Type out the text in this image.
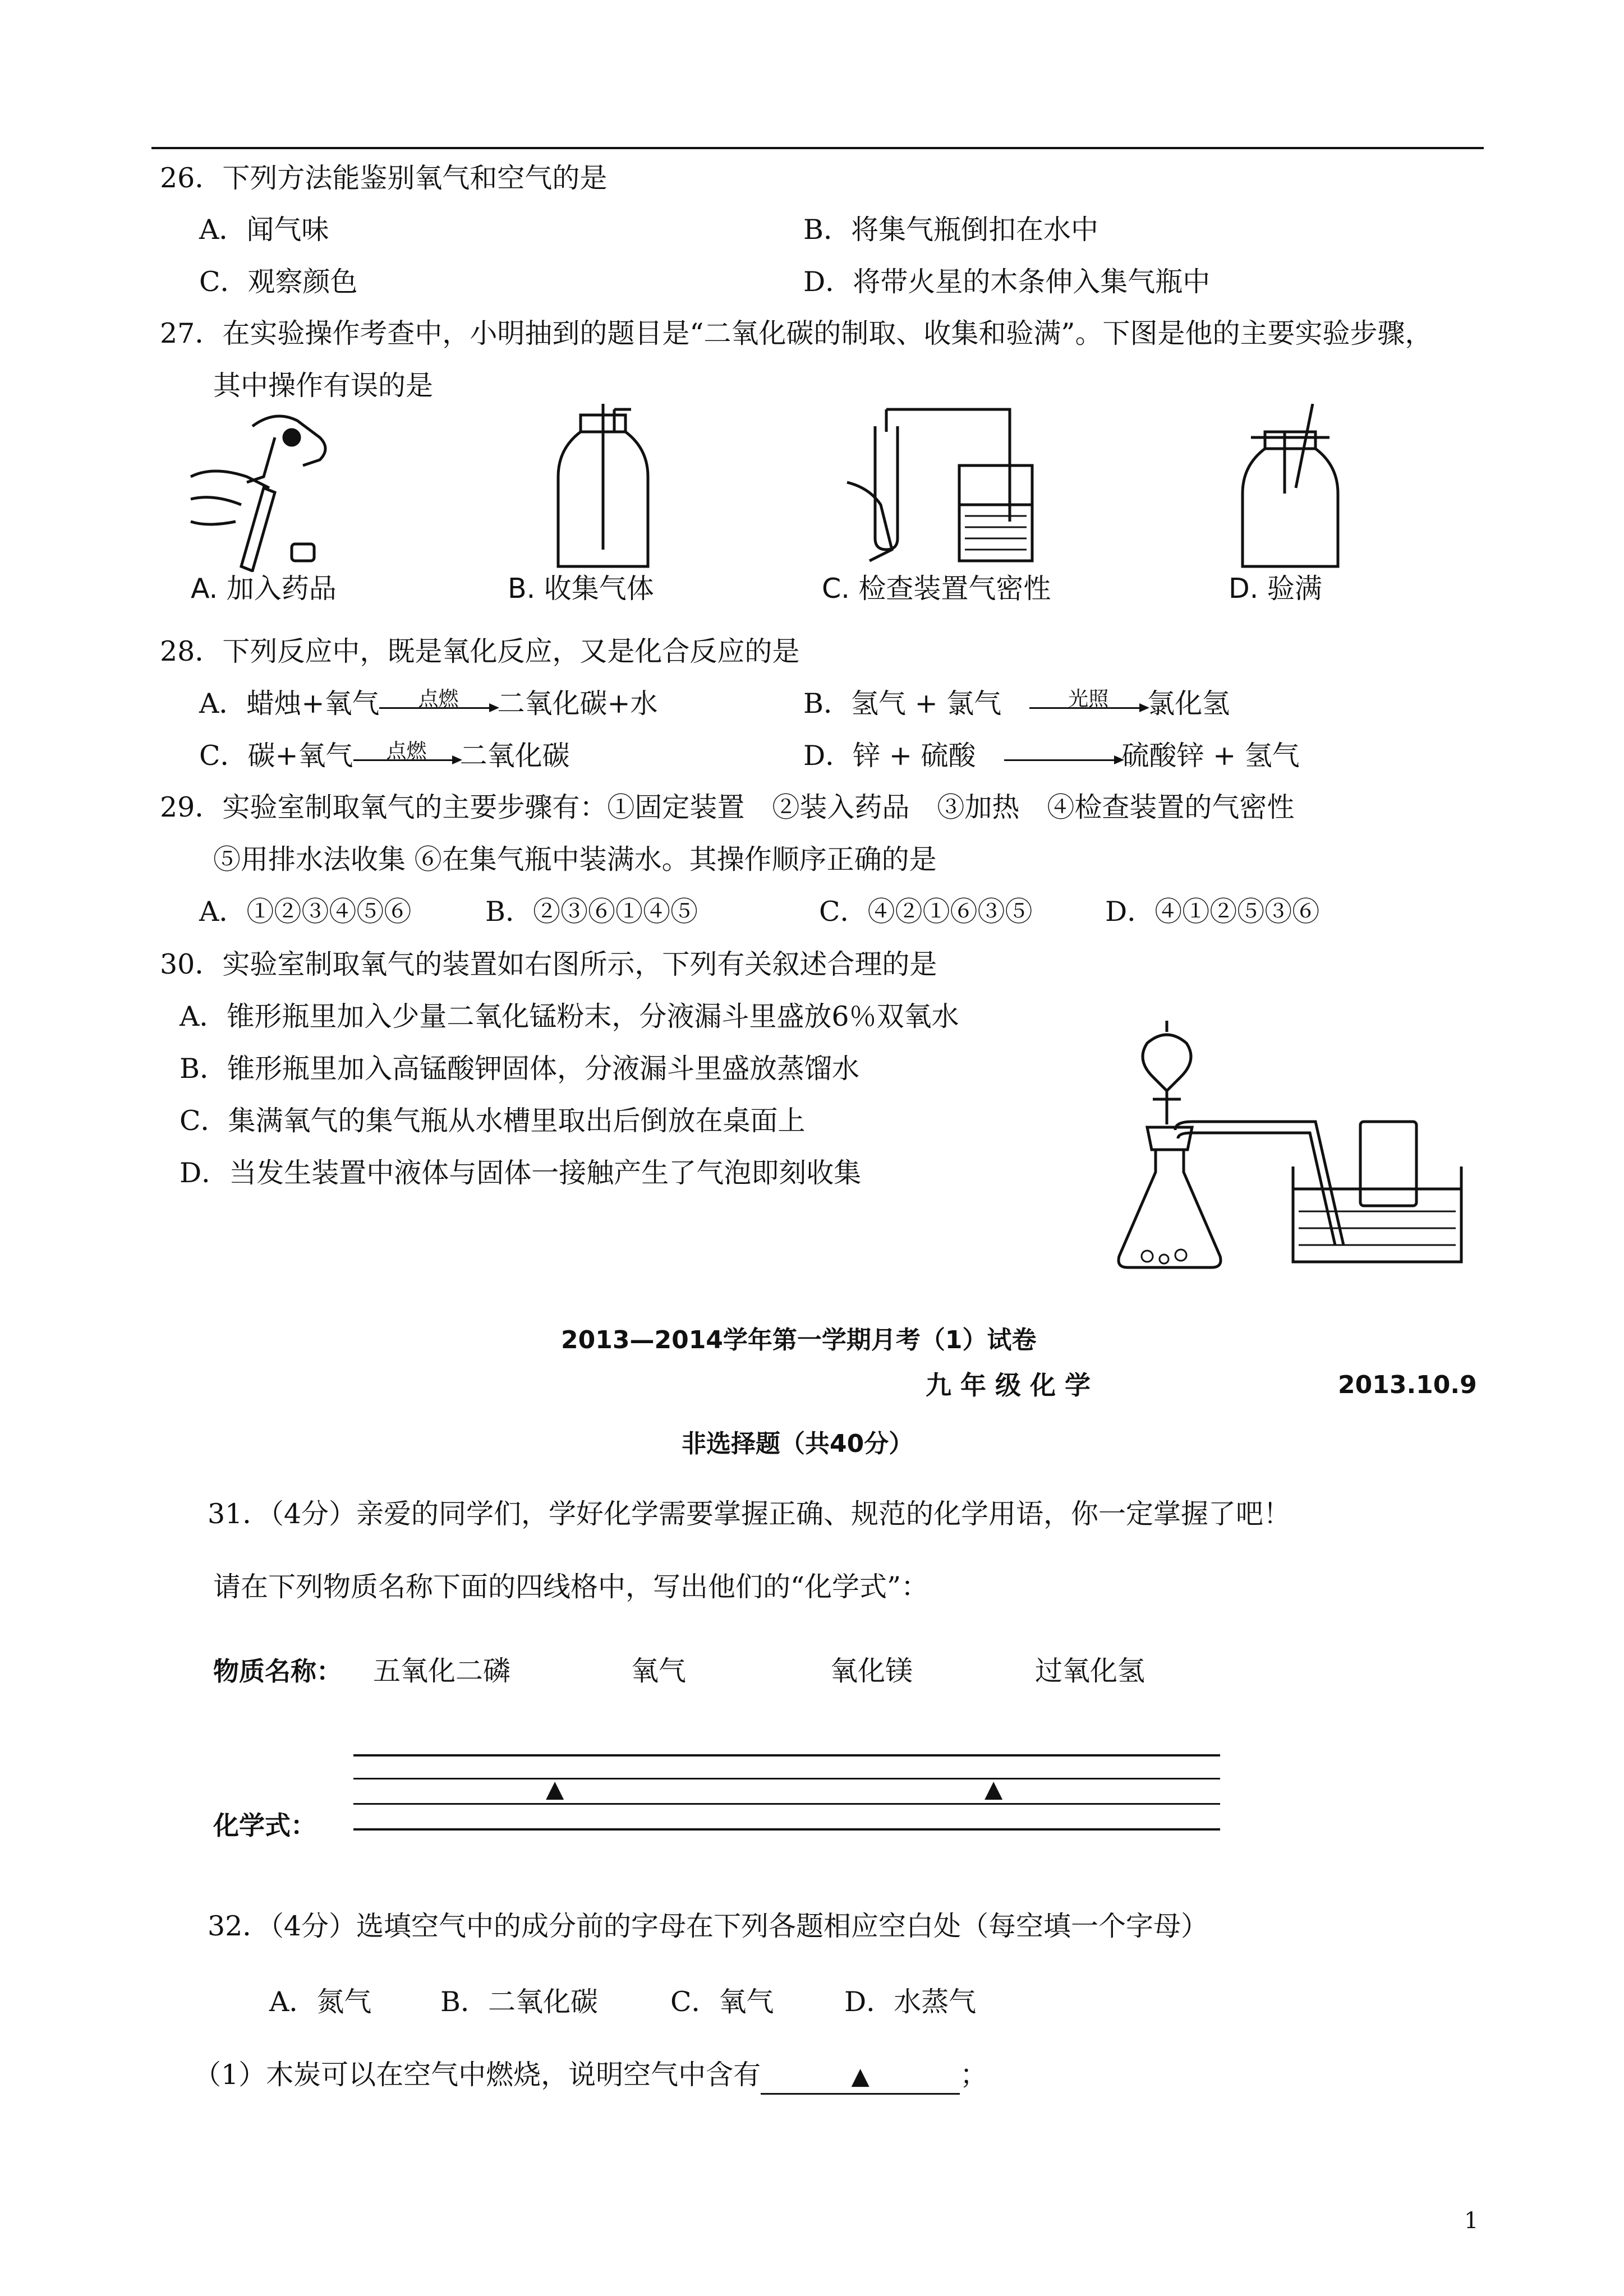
26．下列方法能鉴别氧气和空气的是
A．闻气味	B．将集气瓶倒扣在水中
C．观察颜色	D．将带火星的木条伸入集气瓶中
27．在实验操作考查中，小明抽到的题目是“二氧化碳的制取、收集和验满”。下图是他的主要实验步骤，
其中操作有误的是
A. 加入药品	B. 收集气体	C. 检查装置气密性	D. 验满
28．下列反应中，既是氧化反应，又是化合反应的是
A．蜡烛+氧气	点燃	二氧化碳+水	B．氢气 + 氯气	光照	氯化氢
C．碳+氧气	点燃	二氧化碳	D．锌 + 硫酸	硫酸锌 + 氢气
29．实验室制取氧气的主要步骤有：①固定装置　②装入药品　③加热　④检查装置的气密性
⑤用排水法收集 ⑥在集气瓶中装满水。其操作顺序正确的是
A．①②③④⑤⑥	B．②③⑥①④⑤	C．④②①⑥③⑤	D．④①②⑤③⑥
30．实验室制取氧气的装置如右图所示，下列有关叙述合理的是
A．锥形瓶里加入少量二氧化锰粉末，分液漏斗里盛放6％双氧水
B．锥形瓶里加入高锰酸钾固体，分液漏斗里盛放蒸馏水
C．集满氧气的集气瓶从水槽里取出后倒放在桌面上
D．当发生装置中液体与固体一接触产生了气泡即刻收集
2013—2014学年第一学期月考（1）试卷
九 年 级 化 学	2013.10.9
非选择题（共40分）
31．（4分）亲爱的同学们，学好化学需要掌握正确、规范的化学用语，你一定掌握了吧！
请在下列物质名称下面的四线格中，写出他们的“化学式”：
物质名称： 五氧化二磷	氧气	氧化镁	过氧化氢
▲	▲
化学式：
32．（4分）选填空气中的成分前的字母在下列各题相应空白处（每空填一个字母）
A．氮气	B．二氧化碳	C．氧气	D．水蒸气
（1）木炭可以在空气中燃烧，说明空气中含有	▲	；
1
